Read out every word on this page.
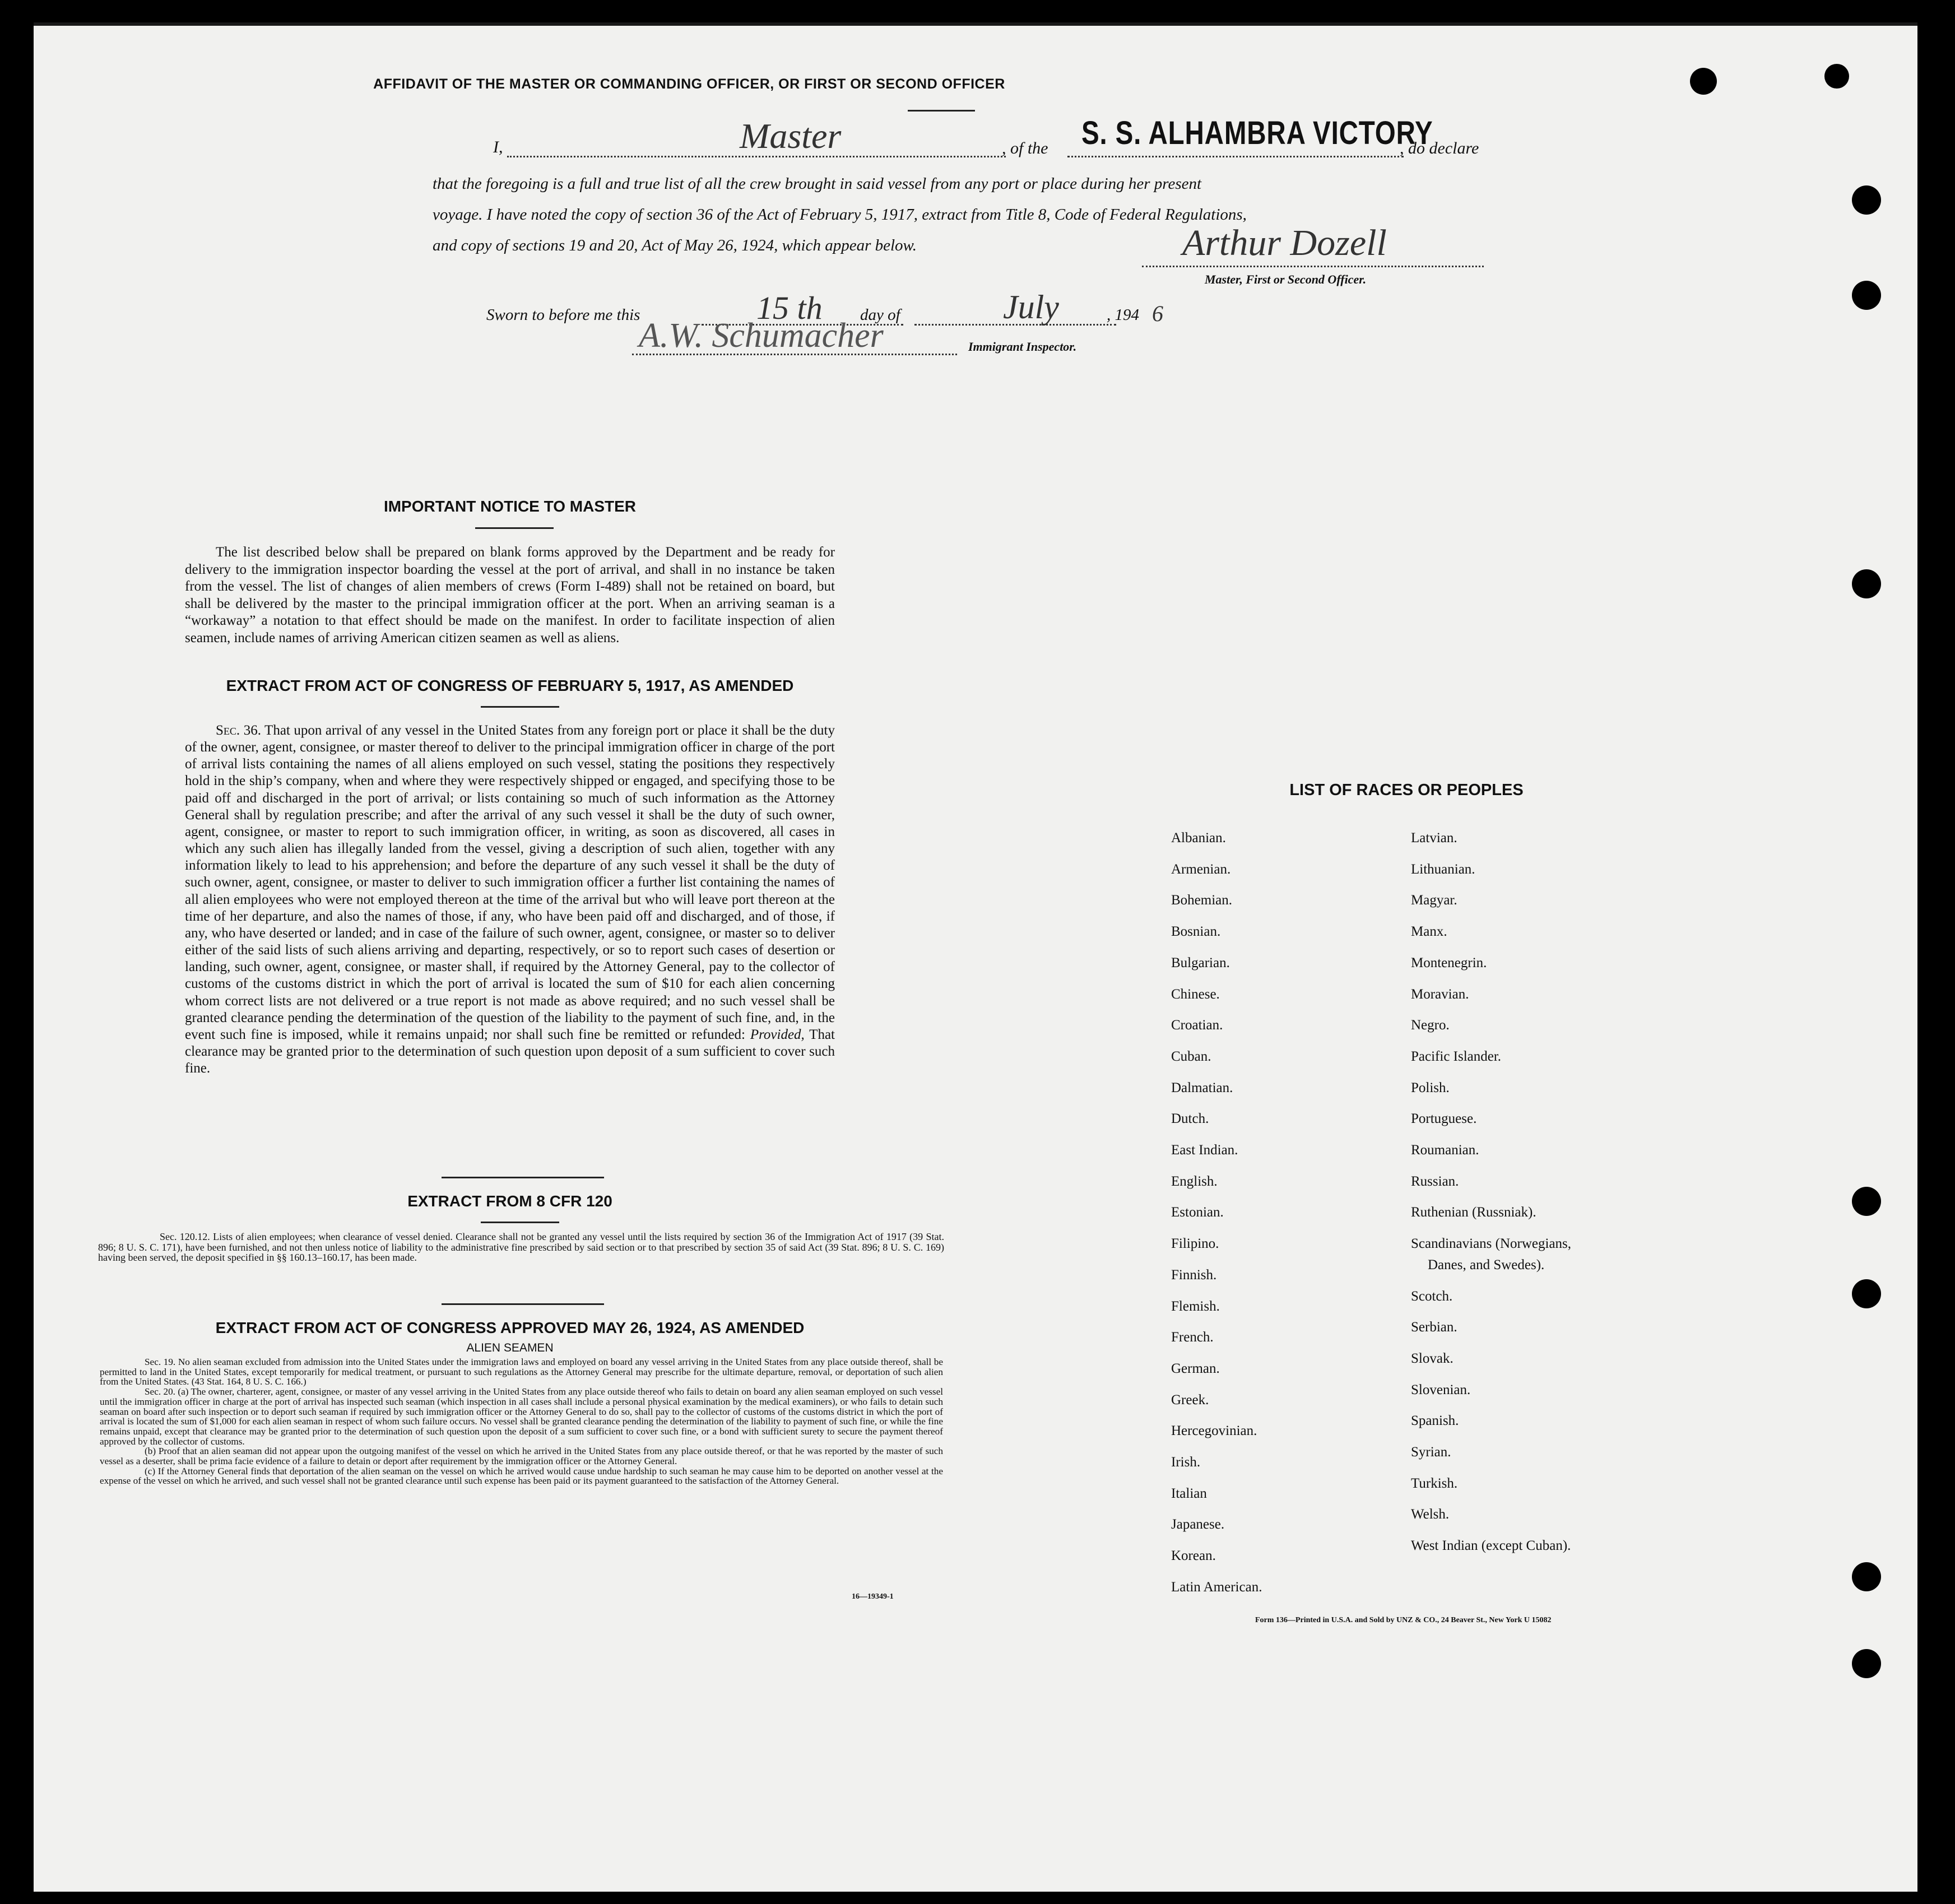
AFFIDAVIT OF THE MASTER OR COMMANDING OFFICER, OR FIRST OR SECOND OFFICER
I,	Master	, of the S. S. ALHAMBRA VICTORY
, do declare
that the foregoing is a full and true list of all the crew brought in said vessel from any port or place during her present
voyage. I have noted the copy of section 36 of the Act of February 5, 1917, extract from Title 8, Code of Federal Regulations,
and copy of sections 19 and 20, Act of May 26, 1924, which appear below.	Arthur Dozell
Master, First or Second Officer.
Sworn to before me this	15 th day of	July	, 194 6
A.W. Schumacher	Immigrant Inspector.
IMPORTANT NOTICE TO MASTER
The list described below shall be prepared on blank forms approved by the Department and be ready for delivery to the immigration inspector boarding the vessel at the port of arrival, and shall in no instance be taken from the vessel. The list of changes of alien members of crews (Form I-489) shall not be retained on board, but shall be delivered by the master to the principal immigration officer at the port. When an arriving seaman is a “workaway” a notation to that effect should be made on the manifest. In order to facilitate inspection of alien seamen, include names of arriving American citizen seamen as well as aliens.
EXTRACT FROM ACT OF CONGRESS OF FEBRUARY 5, 1917, AS AMENDED
Sec. 36. That upon arrival of any vessel in the United States from any foreign port or place it shall be the duty of the owner, agent, consignee, or master thereof to deliver to the principal immigration officer in charge of the port of arrival lists containing the names of all aliens employed on such vessel, stating the positions they respectively hold in the ship’s company, when and where they were respectively shipped or engaged, and specifying those to be paid off and discharged in the port of arrival; or lists containing so much of such information as the Attorney General shall by regulation prescribe; and after the arrival of any such vessel it shall be the duty of such owner, agent, consignee, or master to report to such immigration officer, in writing, as soon as discovered, all cases in which any such alien has illegally landed from the vessel, giving a description of such alien, together with any information likely to lead to his apprehension; and before the departure of any such vessel it shall be the duty of such owner, agent, consignee, or master to deliver to such immigration officer a further list containing the names of all alien employees who were not employed thereon at the time of the arrival but who will leave port thereon at the time of her departure, and also the names of those, if any, who have been paid off and discharged, and of those, if any, who have deserted or landed; and in case of the failure of such owner, agent, consignee, or master so to deliver either of the said lists of such aliens arriving and departing, respectively, or so to report such cases of desertion or landing, such owner, agent, consignee, or master shall, if required by the Attorney General, pay to the collector of customs of the customs district in which the port of arrival is located the sum of $10 for each alien concerning whom correct lists are not delivered or a true report is not made as above required; and no such vessel shall be granted clearance pending the determination of the question of the liability to the payment of such fine, and, in the event such fine is imposed, while it remains unpaid; nor shall such fine be remitted or refunded: Provided, That clearance may be granted prior to the determination of such question upon deposit of a sum sufficient to cover such fine.
EXTRACT FROM 8 CFR 120
Sec. 120.12. Lists of alien employees; when clearance of vessel denied. Clearance shall not be granted any vessel until the lists required by section 36 of the Immigration Act of 1917 (39 Stat. 896; 8 U. S. C. 171), have been furnished, and not then unless notice of liability to the administrative fine prescribed by said section or to that prescribed by section 35 of said Act (39 Stat. 896; 8 U. S. C. 169) having been served, the deposit specified in §§ 160.13–160.17, has been made.
EXTRACT FROM ACT OF CONGRESS APPROVED MAY 26, 1924, AS AMENDED
ALIEN SEAMEN
Sec. 19. No alien seaman excluded from admission into the United States under the immigration laws and employed on board any vessel arriving in the United States from any place outside thereof, shall be permitted to land in the United States, except temporarily for medical treatment, or pursuant to such regulations as the Attorney General may prescribe for the ultimate departure, removal, or deportation of such alien from the United States. (43 Stat. 164, 8 U. S. C. 166.)
Sec. 20. (a) The owner, charterer, agent, consignee, or master of any vessel arriving in the United States from any place outside thereof who fails to detain on board any alien seaman employed on such vessel until the immigration officer in charge at the port of arrival has inspected such seaman (which inspection in all cases shall include a personal physical examination by the medical examiners), or who fails to detain such seaman on board after such inspection or to deport such seaman if required by such immigration officer or the Attorney General to do so, shall pay to the collector of customs of the customs district in which the port of arrival is located the sum of $1,000 for each alien seaman in respect of whom such failure occurs. No vessel shall be granted clearance pending the determination of the liability to payment of such fine, or while the fine remains unpaid, except that clearance may be granted prior to the determination of such question upon the deposit of a sum sufficient to cover such fine, or a bond with sufficient surety to secure the payment thereof approved by the collector of customs.
(b) Proof that an alien seaman did not appear upon the outgoing manifest of the vessel on which he arrived in the United States from any place outside thereof, or that he was reported by the master of such vessel as a deserter, shall be prima facie evidence of a failure to detain or deport after requirement by the immigration officer or the Attorney General.
(c) If the Attorney General finds that deportation of the alien seaman on the vessel on which he arrived would cause undue hardship to such seaman he may cause him to be deported on another vessel at the expense of the vessel on which he arrived, and such vessel shall not be granted clearance until such expense has been paid or its payment guaranteed to the satisfaction of the Attorney General.
16—19349-1
LIST OF RACES OR PEOPLES
Albanian.
Armenian.
Bohemian.
Bosnian.
Bulgarian.
Chinese.
Croatian.
Cuban.
Dalmatian.
Dutch.
East Indian.
English.
Estonian.
Filipino.
Finnish.
Flemish.
French.
German.
Greek.
Hercegovinian.
Irish.
Italian
Japanese.
Korean.
Latin American.
Latvian.
Lithuanian.
Magyar.
Manx.
Montenegrin.
Moravian.
Negro.
Pacific Islander.
Polish.
Portuguese.
Roumanian.
Russian.
Ruthenian (Russniak).
Scandinavians (Norwegians,
Danes, and Swedes).
Scotch.
Serbian.
Slovak.
Slovenian.
Spanish.
Syrian.
Turkish.
Welsh.
West Indian (except Cuban).
Form 136—Printed in U.S.A. and Sold by UNZ & CO., 24 Beaver St., New York U 15082
